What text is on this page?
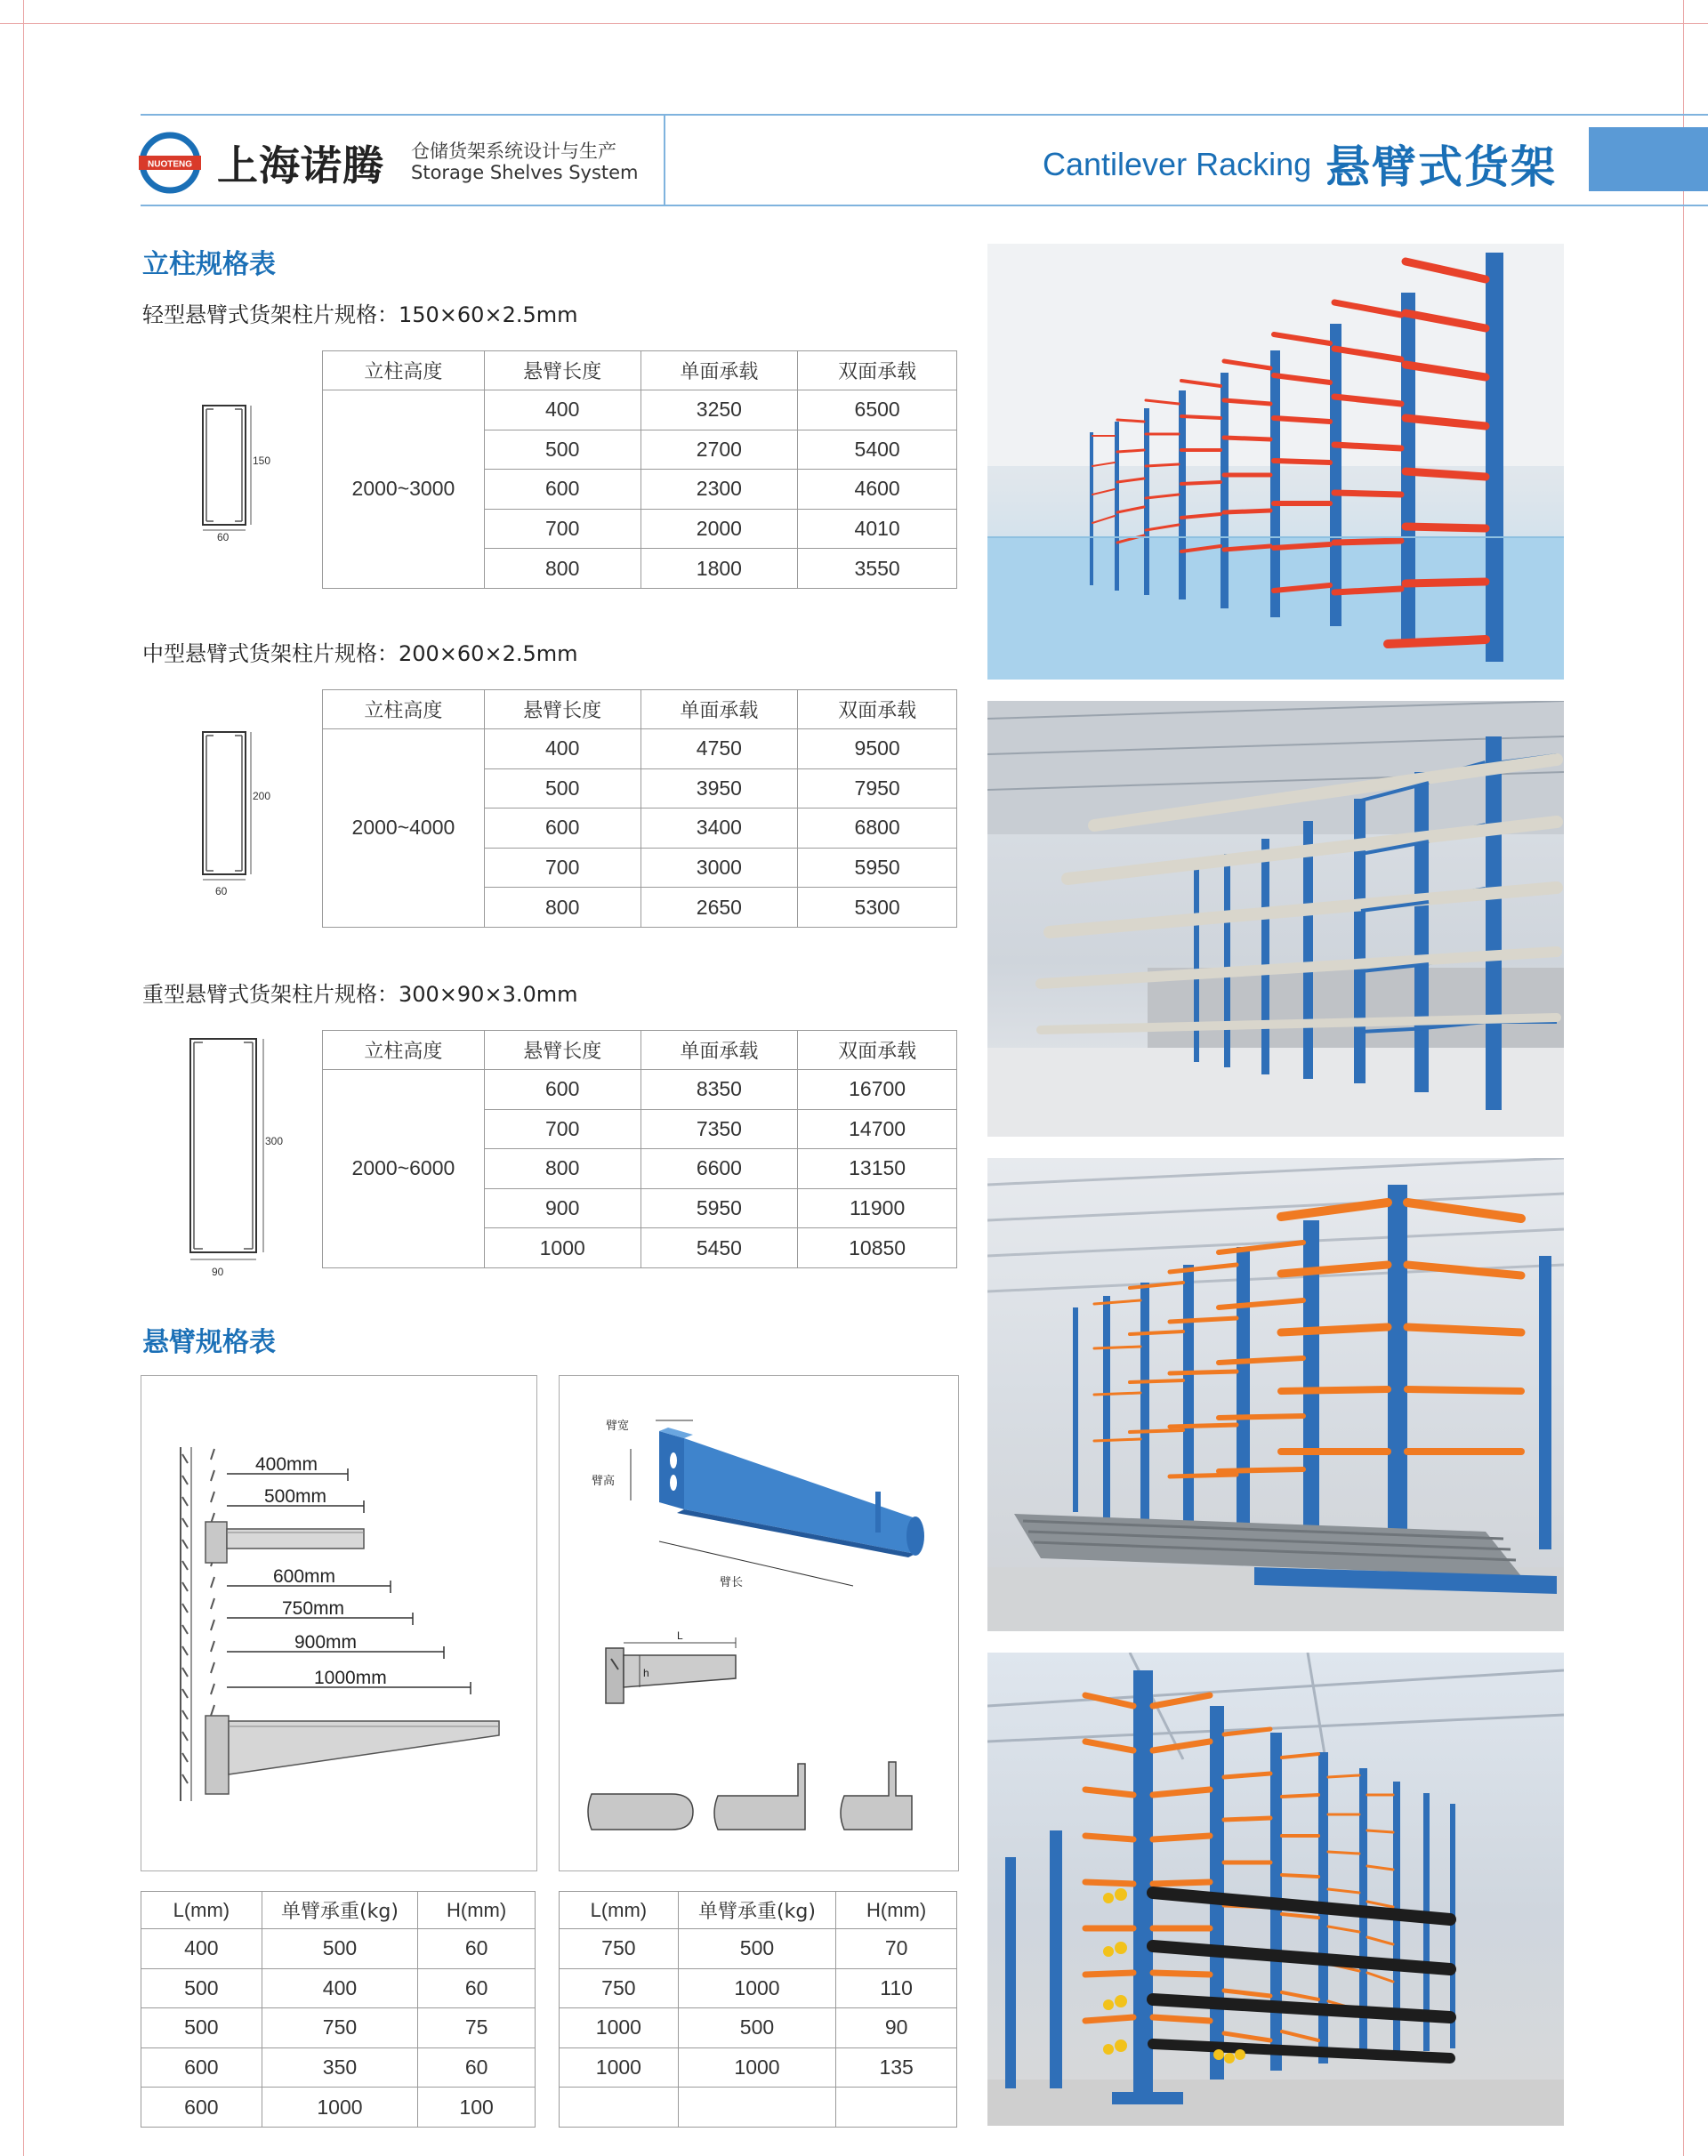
NUOTENG 上海诺腾 仓储货架系统设计与生产
Storage Shelves System	Cantilever Racking 悬臂式货架
立柱规格表
轻型悬臂式货架柱片规格：150×60×2.5mm
150
60
立柱高度	悬臂长度	单面承载	双面承载
2000~3000	400	3250	6500
	500	2700	5400
	600	2300	4600
	700	2000	4010
	800	1800	3550
中型悬臂式货架柱片规格：200×60×2.5mm
200
60
立柱高度	悬臂长度	单面承载	双面承载
2000~4000	400	4750	9500
	500	3950	7950
	600	3400	6800
	700	3000	5950
	800	2650	5300
重型悬臂式货架柱片规格：300×90×3.0mm
300
90
立柱高度	悬臂长度	单面承载	双面承载
2000~6000	600	8350	16700
	700	7350	14700
	800	6600	13150
	900	5950	11900
	1000	5450	10850
悬臂规格表
400mm
500mm
600mm
750mm
900mm
1000mm
臂宽
臂高
臂长
L
h
L(mm)	单臂承重(kg)	H(mm)
400	500	60
500	400	60
500	750	75
600	350	60
600	1000	100
L(mm)	单臂承重(kg)	H(mm)
750	500	70
750	1000	110
1000	500	90
1000	1000	135
